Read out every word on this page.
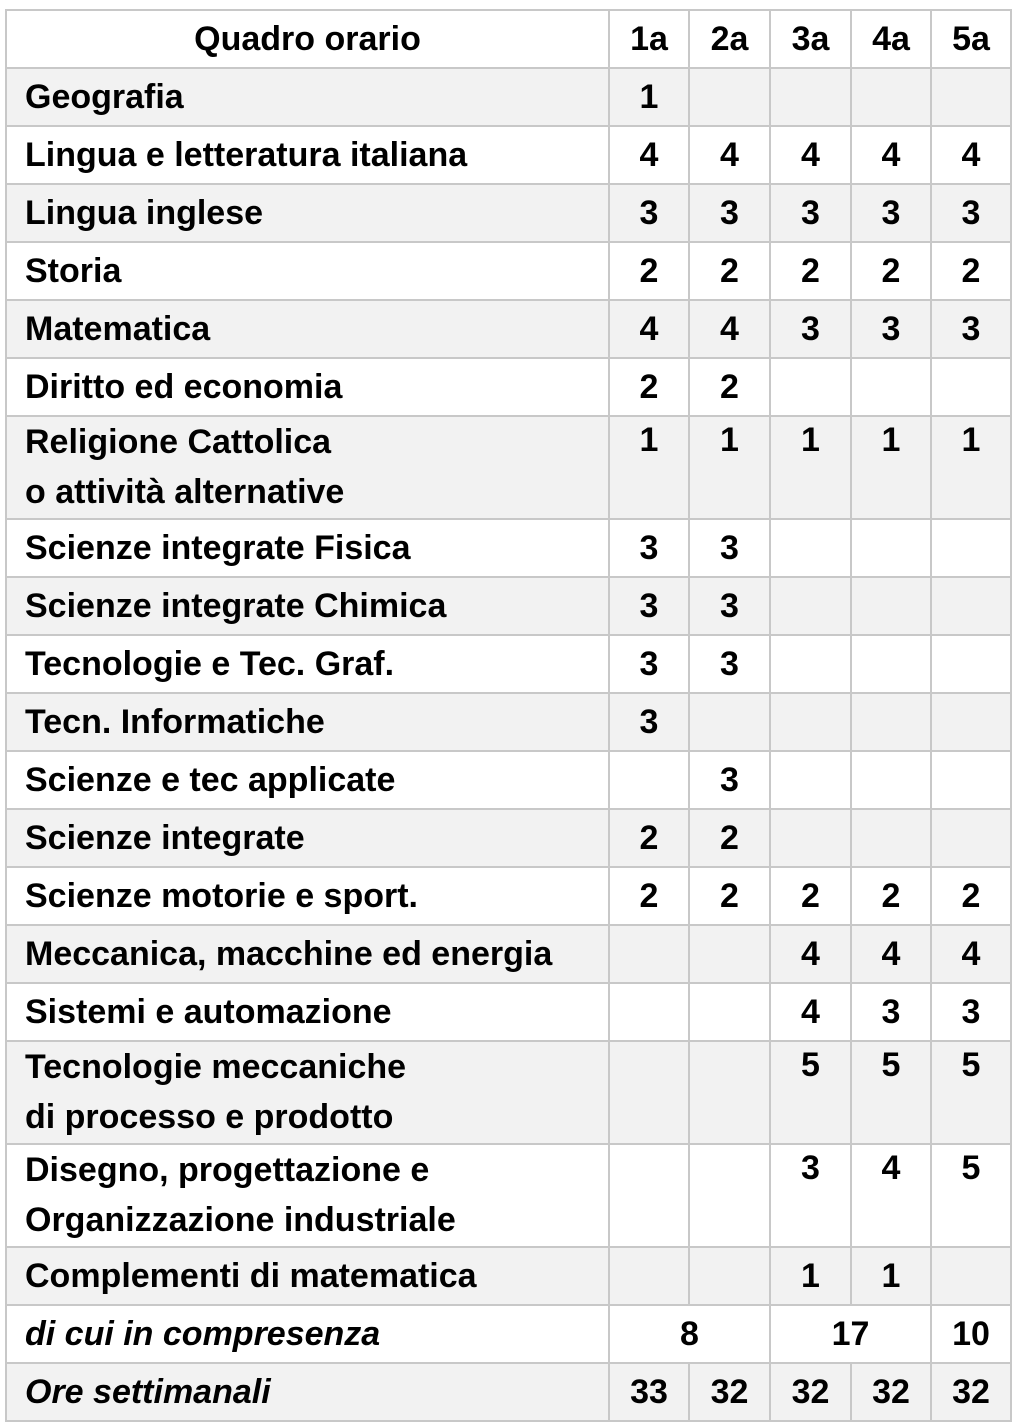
Quadro orario	1a	2a	3a	4a	5a

Geografia	1				

Lingua e letteratura italiana	4	4	4	4	4

Lingua inglese	3	3	3	3	3

Storia	2	2	2	2	2

Matematica	4	4	3	3	3

Diritto ed economia	2	2			

Religione Cattolica
o attività alternative	1	1	1	1	1

Scienze integrate Fisica	3	3			

Scienze integrate Chimica	3	3			

Tecnologie e Tec. Graf.	3	3			

Tecn. Informatiche	3				

Scienze e tec applicate		3			

Scienze integrate	2	2			

Scienze motorie e sport.	2	2	2	2	2

Meccanica, macchine ed energia			4	4	4

Sistemi e automazione			4	3	3

Tecnologie meccaniche
di processo e prodotto			5	5	5

Disegno, progettazione e
Organizzazione industriale			3	4	5

Complementi di matematica			1	1	
di cui in compresenza	8		17		10
Ore settimanali	33	32	32	32	32
